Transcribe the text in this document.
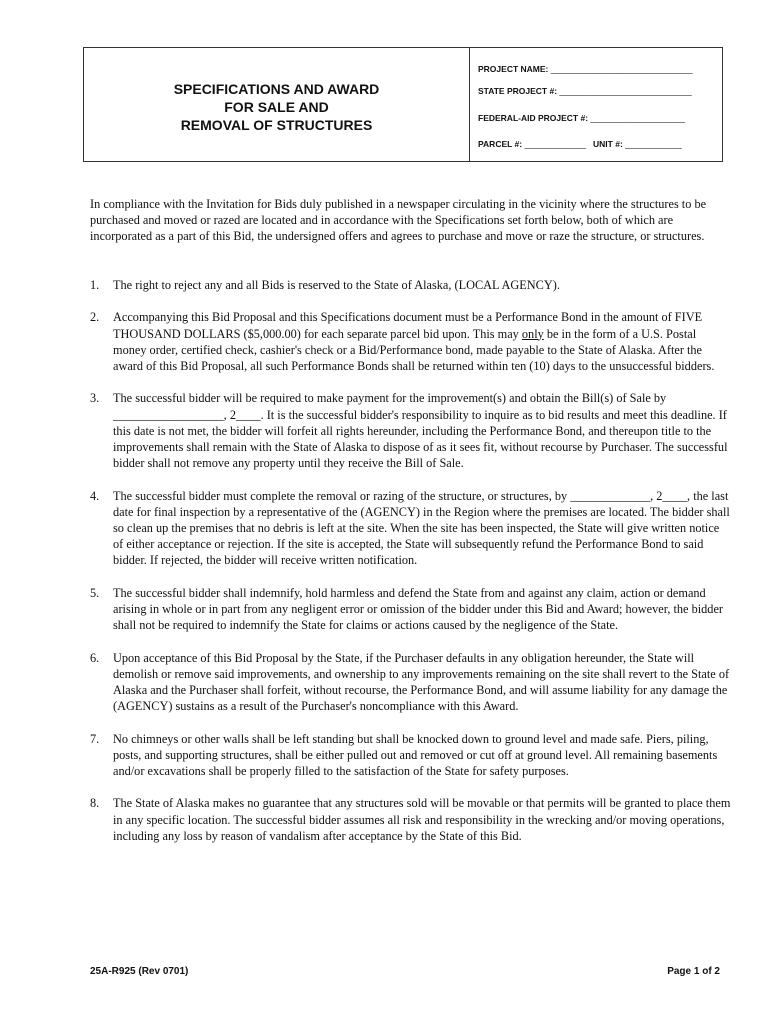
SPECIFICATIONS AND AWARD
FOR SALE AND
REMOVAL OF STRUCTURES
PROJECT NAME: ______________________________
STATE PROJECT #: ____________________________
FEDERAL-AID PROJECT #: ____________________
PARCEL #: _____________ UNIT #: ____________
In compliance with the Invitation for Bids duly published in a newspaper circulating in the vicinity where the structures to be purchased and moved or razed are located and in accordance with the Specifications set forth below, both of which are incorporated as a part of this Bid, the undersigned offers and agrees to purchase and move or raze the structure, or structures.
1.	The right to reject any and all Bids is reserved to the State of Alaska, (LOCAL AGENCY).
2.	Accompanying this Bid Proposal and this Specifications document must be a Performance Bond in the amount of FIVE THOUSAND DOLLARS ($5,000.00) for each separate parcel bid upon. This may only be in the form of a U.S. Postal money order, certified check, cashier's check or a Bid/Performance bond, made payable to the State of Alaska. After the award of this Bid Proposal, all such Performance Bonds shall be returned within ten (10) days to the unsuccessful bidders.
3.	The successful bidder will be required to make payment for the improvement(s) and obtain the Bill(s) of Sale by __________________, 2____. It is the successful bidder's responsibility to inquire as to bid results and meet this deadline. If this date is not met, the bidder will forfeit all rights hereunder, including the Performance Bond, and thereupon title to the improvements shall remain with the State of Alaska to dispose of as it sees fit, without recourse by Purchaser. The successful bidder shall not remove any property until they receive the Bill of Sale.
4.	The successful bidder must complete the removal or razing of the structure, or structures, by _____________, 2____, the last date for final inspection by a representative of the (AGENCY) in the Region where the premises are located. The bidder shall so clean up the premises that no debris is left at the site. When the site has been inspected, the State will give written notice of either acceptance or rejection. If the site is accepted, the State will subsequently refund the Performance Bond to said bidder. If rejected, the bidder will receive written notification.
5.	The successful bidder shall indemnify, hold harmless and defend the State from and against any claim, action or demand arising in whole or in part from any negligent error or omission of the bidder under this Bid and Award; however, the bidder shall not be required to indemnify the State for claims or actions caused by the negligence of the State.
6.	Upon acceptance of this Bid Proposal by the State, if the Purchaser defaults in any obligation hereunder, the State will demolish or remove said improvements, and ownership to any improvements remaining on the site shall revert to the State of Alaska and the Purchaser shall forfeit, without recourse, the Performance Bond, and will assume liability for any damage the (AGENCY) sustains as a result of the Purchaser's noncompliance with this Award.
7.	No chimneys or other walls shall be left standing but shall be knocked down to ground level and made safe. Piers, piling, posts, and supporting structures, shall be either pulled out and removed or cut off at ground level. All remaining basements and/or excavations shall be properly filled to the satisfaction of the State for safety purposes.
8.	The State of Alaska makes no guarantee that any structures sold will be movable or that permits will be granted to place them in any specific location. The successful bidder assumes all risk and responsibility in the wrecking and/or moving operations, including any loss by reason of vandalism after acceptance by the State of this Bid.
25A-R925 (Rev 0701)	Page 1 of 2
